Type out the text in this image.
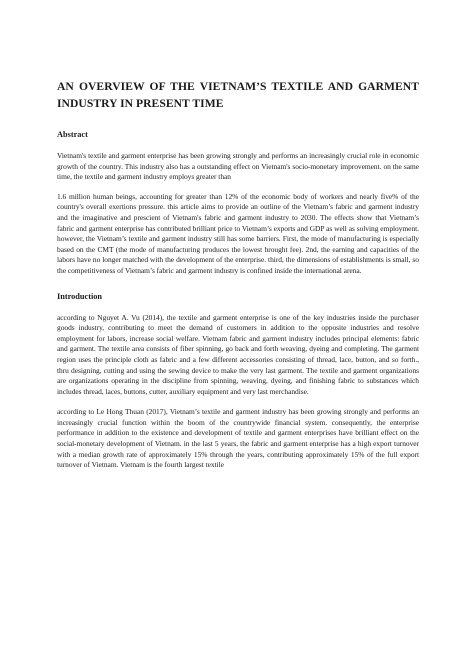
AN OVERVIEW OF THE VIETNAM’S TEXTILE AND GARMENT INDUSTRY IN PRESENT TIME
Abstract

Vietnam's textile and garment enterprise has been growing strongly and performs an increasingly crucial role in economic growth of the country. This industry also has a outstanding effect on Vietnam's socio-monetary improvement. on the same time, the textile and garment industry employs greater than

1.6 million human beings, accounting for greater than 12% of the economic body of workers and nearly five% of the country's overall exertions pressure. this article aims to provide an outline of the Vietnam’s fabric and garment industry and the imaginative and prescient of Vietnam's fabric and garment industry to 2030. The effects show that Vietnam’s fabric and garment enterprise has contributed brilliant price to Vietnam’s exports and GDP as well as solving employment. however, the Vietnam’s textile and garment industry still has some barriers. First, the mode of manufacturing is especially based on the CMT (the mode of manufacturing produces the lowest brought fee). 2nd, the earning and capacities of the labors have no longer matched with the development of the enterprise. third, the dimensions of establishments is small, so the competitiveness of Vietnam’s fabric and garment industry is confined inside the international arena.

Introduction

according to Nguyet A. Vu (2014), the textile and garment enterprise is one of the key industries inside the purchaser goods industry, contributing to meet the demand of customers in addition to the opposite industries and resolve employment for labors, increase social welfare. Vietnam fabric and garment industry includes principal elements: fabric and garment. The textile area consists of fiber spinning, go back and forth weaving, dyeing and completing. The garment region uses the principle cloth as fabric and a few different accessories consisting of thread, lace, button, and so forth., thru designing, cutting and using the sewing device to make the very last garment. The textile and garment organizations are organizations operating in the discipline from spinning, weaving, dyeing, and finishing fabric to substances which includes thread, laces, buttons, cutter, auxiliary equipment and very last merchandise.

according to Le Hong Thuan (2017), Vietnam’s textile and garment industry has been growing strongly and performs an increasingly crucial function within the boom of the countrywide financial system. consequently, the enterprise performance in addition to the existence and development of textile and garment enterprises have brilliant effect on the social-monetary development of Vietnam. in the last 5 years, the fabric and garment enterprise has a high export turnover with a median growth rate of approximately 15% through the years, contributing approximately 15% of the full export turnover of Vietnam. Vietnam is the fourth largest textile
